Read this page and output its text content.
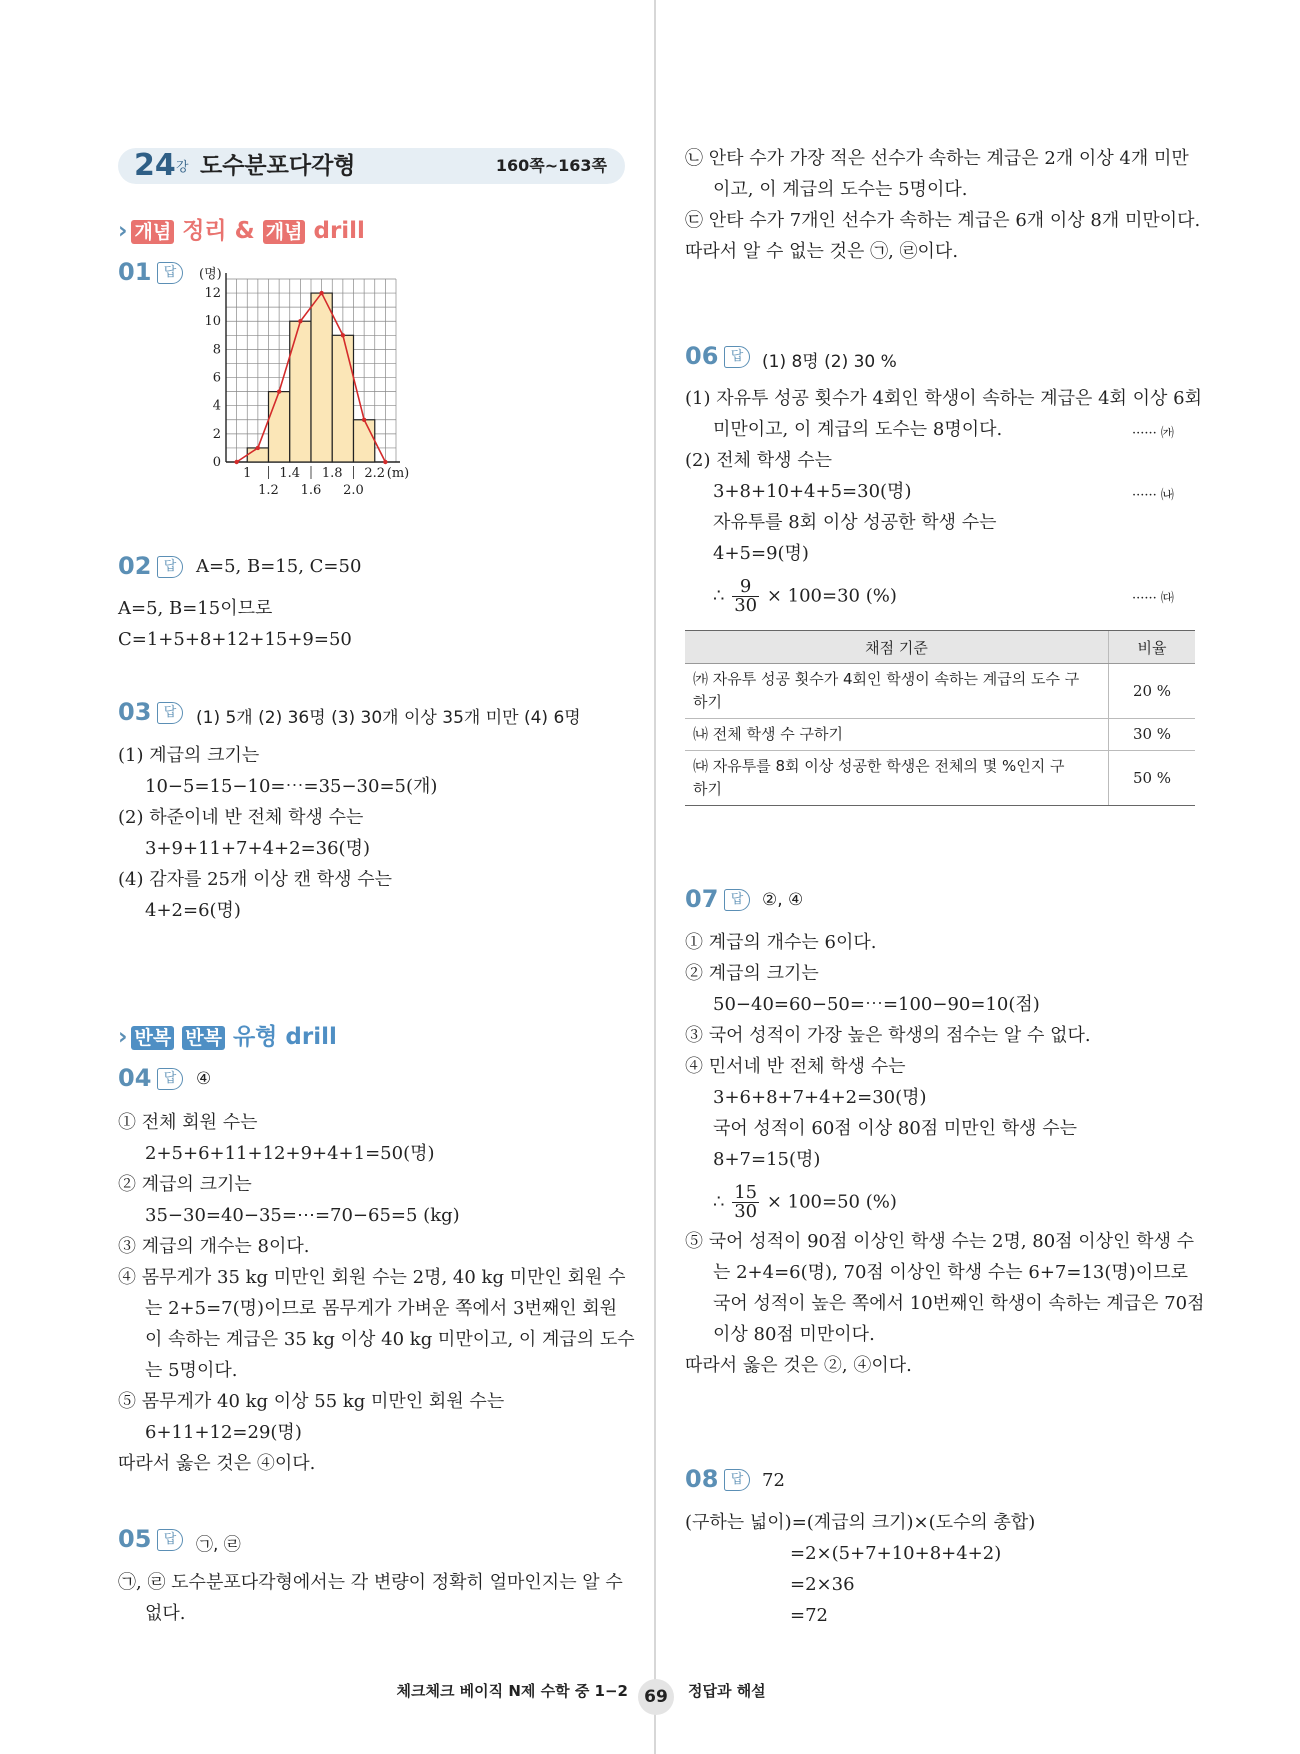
24 강 도수분포다각형	160쪽~163쪽
› 개념 정리 & 개념 drill
01 답	(명)
12
10
8
6
4
2
0
1 1.4 1.8 2.2
1.2 1.6 2.0
(m)
02 답	A=5, B=15, C=50
A=5, B=15이므로
C=1+5+8+12+15+9=50
03 답	(1) 5개 (2) 36명 (3) 30개 이상 35개 미만 (4) 6명
(1) 계급의 크기는
10−5=15−10=⋯=35−30=5(개)
(2) 하준이네 반 전체 학생 수는
3+9+11+7+4+2=36(명)
(4) 감자를 25개 이상 캔 학생 수는
4+2=6(명)
› 반복 반복 유형 drill
04 답	④
① 전체 회원 수는
2+5+6+11+12+9+4+1=50(명)
② 계급의 크기는
35−30=40−35=⋯=70−65=5 (kg)
③ 계급의 개수는 8이다.
④ 몸무게가 35 kg 미만인 회원 수는 2명, 40 kg 미만인 회원 수
는 2+5=7(명)이므로 몸무게가 가벼운 쪽에서 3번째인 회원
이 속하는 계급은 35 kg 이상 40 kg 미만이고, 이 계급의 도수
는 5명이다.
⑤ 몸무게가 40 kg 이상 55 kg 미만인 회원 수는
6+11+12=29(명)
따라서 옳은 것은 ④이다.
05 답	㉠, ㉣
㉠, ㉣ 도수분포다각형에서는 각 변량이 정확히 얼마인지는 알 수
없다.
㉡ 안타 수가 가장 적은 선수가 속하는 계급은 2개 이상 4개 미만
이고, 이 계급의 도수는 5명이다.
㉢ 안타 수가 7개인 선수가 속하는 계급은 6개 이상 8개 미만이다.
따라서 알 수 없는 것은 ㉠, ㉣이다.
06 답	(1) 8명 (2) 30 %
(1) 자유투 성공 횟수가 4회인 학생이 속하는 계급은 4회 이상 6회
미만이고, 이 계급의 도수는 8명이다.	······ ㈎
(2) 전체 학생 수는
3+8+10+4+5=30(명)	······ ㈏
자유투를 8회 이상 성공한 학생 수는
4+5=9(명)
∴ $\frac{9}{30} \times 100=30$ (%)	······ ㈐
채점 기준	비율
㈎ 자유투 성공 횟수가 4회인 학생이 속하는 계급의 도수 구
하기	20 %
㈏ 전체 학생 수 구하기	30 %
㈐ 자유투를 8회 이상 성공한 학생은 전체의 몇 %인지 구
하기	50 %
07 답	②, ④
① 계급의 개수는 6이다.
② 계급의 크기는
50−40=60−50=⋯=100−90=10(점)
③ 국어 성적이 가장 높은 학생의 점수는 알 수 없다.
④ 민서네 반 전체 학생 수는
3+6+8+7+4+2=30(명)
국어 성적이 60점 이상 80점 미만인 학생 수는
8+7=15(명)
∴ $\frac{15}{30} \times 100=50$ (%)
⑤ 국어 성적이 90점 이상인 학생 수는 2명, 80점 이상인 학생 수
는 2+4=6(명), 70점 이상인 학생 수는 6+7=13(명)이므로
국어 성적이 높은 쪽에서 10번째인 학생이 속하는 계급은 70점
이상 80점 미만이다.
따라서 옳은 것은 ②, ④이다.
08 답	72
(구하는 넓이)=(계급의 크기)×(도수의 총합)
=2×(5+7+10+8+4+2)
=2×36
=72
체크체크 베이직 N제 수학 중 1−2 69	정답과 해설
